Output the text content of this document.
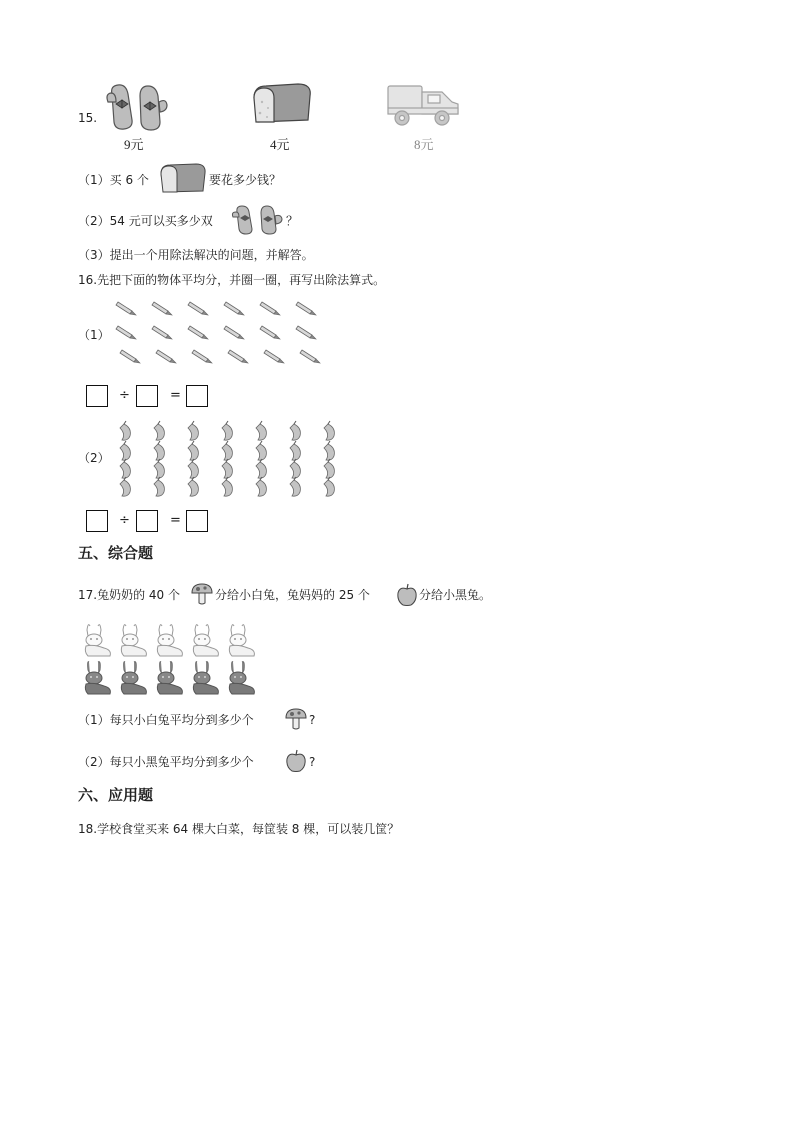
15.
9元	4元	8元
（1）买 6 个	要花多少钱？
（2）54 元可以买多少双	？
（3）提出一个用除法解决的问题，并解答。
16.先把下面的物体平均分，并圈一圈，再写出除法算式。
（1）
÷	=
（2）
÷	=
五、综合题
17.兔奶奶的 40 个	分给小白兔，兔妈妈的 25 个	分给小黑兔。
（1）每只小白兔平均分到多少个	?
（2）每只小黑兔平均分到多少个	?
六、应用题
18.学校食堂买来 64 棵大白菜，每筐装 8 棵，可以装几筐？
